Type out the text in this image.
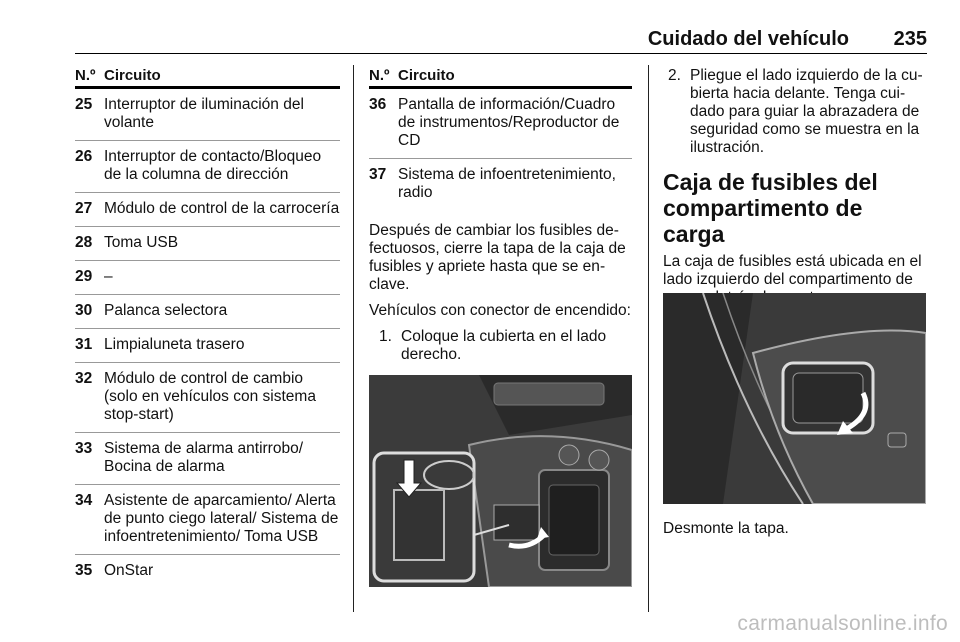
Cuidado del vehículo 235
N.º Circuito
25 Interruptor de iluminación del volante
26 Interruptor de contacto/Bloqueo de la columna de dirección
27 Módulo de control de la carrocería
28 Toma USB
29 –
30 Palanca selectora
31 Limpialuneta trasero
32 Módulo de control de cambio (solo en vehículos con sistema stop-start)
33 Sistema de alarma antirrobo/ Bocina de alarma
34 Asistente de aparcamiento/ Alerta de punto ciego lateral/ Sistema de infoentretenimiento/ Toma USB
35 OnStar
N.º Circuito
36 Pantalla de información/Cuadro de instrumentos/Reproductor de CD
37 Sistema de infoentretenimiento, radio

Después de cambiar los fusibles defectuosos, cierre la tapa de la caja de fusibles y apriete hasta que se enclave.

Vehículos con conector de encendido:

1. Coloque la cubierta en el lado derecho.
2. Pliegue el lado izquierdo de la cubierta hacia delante. Tenga cuidado para guiar la abrazadera de seguridad como se muestra en la ilustración.
Caja de fusibles del compartimento de carga

La caja de fusibles está ubicada en el lado izquierdo del compartimento de

Desmonte la tapa.

carmanualsonline.info
